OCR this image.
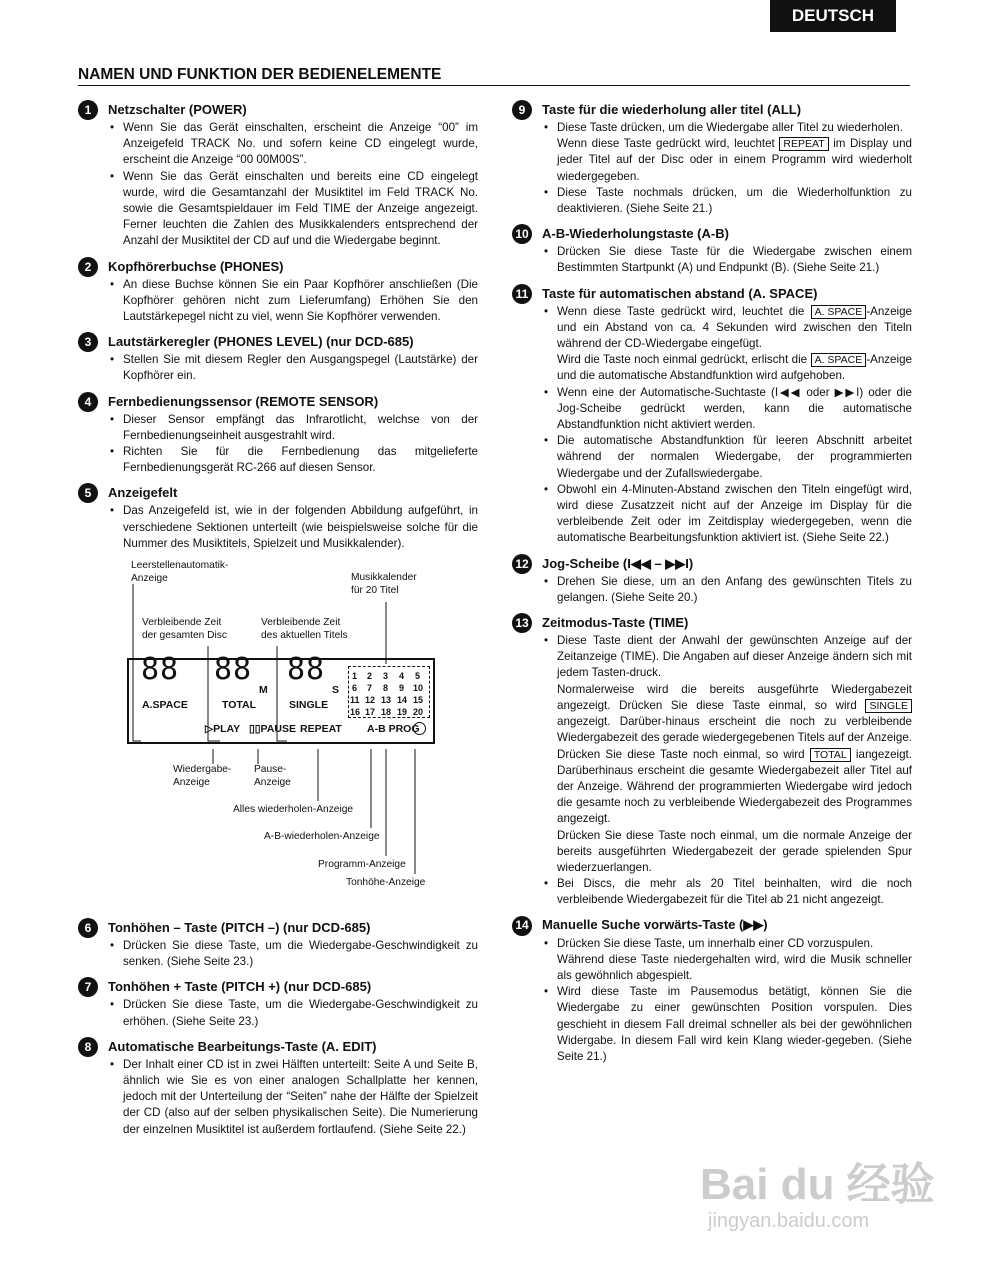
DEUTSCH
NAMEN UND FUNKTION DER BEDIENELEMENTE
1	Netzschalter (POWER)
• Wenn Sie das Gerät einschalten, erscheint die Anzeige “00” im Anzeigefeld TRACK No. und sofern keine CD eingelegt wurde, erscheint die Anzeige “00 00M00S”.
• Wenn Sie das Gerät einschalten und bereits eine CD eingelegt wurde, wird die Gesamtanzahl der Musiktitel im Feld TRACK No. sowie die Gesamtspieldauer im Feld TIME der Anzeige angezeigt. Ferner leuchten die Zahlen des Musikkalenders entsprechend der Anzahl der Musiktitel der CD auf und die Wiedergabe beginnt.
2	Kopfhörerbuchse (PHONES)
• An diese Buchse können Sie ein Paar Kopfhörer anschließen (Die Kopfhörer gehören nicht zum Lieferumfang) Erhöhen Sie den Lautstärkepegel nicht zu viel, wenn Sie Kopfhörer verwenden.
3	Lautstärkeregler (PHONES LEVEL) (nur DCD-685)
• Stellen Sie mit diesem Regler den Ausgangspegel (Lautstärke) der Kopfhörer ein.
4	Fernbedienungssensor (REMOTE SENSOR)
• Dieser Sensor empfängt das Infrarotlicht, welchse von der Fernbedienungseinheit ausgestrahlt wird.
• Richten Sie für die Fernbedienung das mitgelieferte Fernbedienungsgerät RC-266 auf diesen Sensor.
5	Anzeigefelt
• Das Anzeigefeld ist, wie in der folgenden Abbildung aufgeführt, in verschiedene Sektionen unterteilt (wie beispielsweise solche für die Nummer des Musiktitels, Spielzeit und Musikkalender).
Leerstellenautomatik-
Anzeige	Musikkalender
für 20 Titel
Verbleibende Zeit
der gesamten Disc
Verbleibende Zeit
des aktuellen Titels
88 88
M
88
S
A.SPACE	TOTAL	SINGLE
▷PLAY ▯▯PAUSE REPEAT A-B PROG
1 2 3 4 5
6 7 8 9 10
11 12 13 14 15
16 17 18 19 20
Wiedergabe-
Anzeige
Pause-
Anzeige
Alles wiederholen-Anzeige
A-B-wiederholen-Anzeige
Programm-Anzeige
Tonhöhe-Anzeige
6	Tonhöhen – Taste (PITCH –) (nur DCD-685)
• Drücken Sie diese Taste, um die Wiedergabe-Geschwindigkeit zu senken. (Siehe Seite 23.)
7	Tonhöhen + Taste (PITCH +) (nur DCD-685)
• Drücken Sie diese Taste, um die Wiedergabe-Geschwindigkeit zu erhöhen. (Siehe Seite 23.)
8	Automatische Bearbeitungs-Taste (A. EDIT)
• Der Inhalt einer CD ist in zwei Hälften unterteilt: Seite A und Seite B, ähnlich wie Sie es von einer analogen Schallplatte her kennen, jedoch mit der Unterteilung der “Seiten” nahe der Hälfte der Spielzeit der CD (also auf der selben physikalischen Seite). Die Numerierung der einzelnen Musiktitel ist außerdem fortlaufend. (Siehe Seite 22.)
9	Taste für die wiederholung aller titel (ALL)
• Diese Taste drücken, um die Wiedergabe aller Titel zu wiederholen.
Wenn diese Taste gedrückt wird, leuchtet REPEAT im Display und jeder Titel auf der Disc oder in einem Programm wird wiederholt wiedergegeben.
• Diese Taste nochmals drücken, um die Wiederholfunktion zu deaktivieren. (Siehe Seite 21.)
10 A-B-Wiederholungstaste (A-B)
• Drücken Sie diese Taste für die Wiedergabe zwischen einem Bestimmten Startpunkt (A) und Endpunkt (B). (Siehe Seite 21.)
11 Taste für automatischen abstand (A. SPACE)
• Wenn diese Taste gedrückt wird, leuchtet die A. SPACE -Anzeige und ein Abstand von ca. 4 Sekunden wird zwischen den Titeln während der CD-Wiedergabe eingefügt.
Wird die Taste noch einmal gedrückt, erlischt die A. SPACE -Anzeige und die automatische Abstandfunktion wird aufgehoben.
• Wenn eine der Automatische-Suchtaste (I◀◀ oder ▶▶I) oder die Jog-Scheibe gedrückt werden, kann die automatische Abstandfunktion nicht aktiviert werden.
• Die automatische Abstandfunktion für leeren Abschnitt arbeitet während der normalen Wiedergabe, der programmierten Wiedergabe und der Zufallswiedergabe.
• Obwohl ein 4-Minuten-Abstand zwischen den Titeln eingefügt wird, wird diese Zusatzzeit nicht auf der Anzeige im Display für die verbleibende Zeit oder im Zeitdisplay wiedergegeben, wenn die automatische Bearbeitungsfunktion aktiviert ist. (Siehe Seite 22.)
12 Jog-Scheibe (I◀◀ – ▶▶I)
• Drehen Sie diese, um an den Anfang des gewünschten Titels zu gelangen. (Siehe Seite 20.)
13 Zeitmodus-Taste (TIME)
• Diese Taste dient der Anwahl der gewünschten Anzeige auf der Zeitanzeige (TIME). Die Angaben auf dieser Anzeige ändern sich mit jedem Tasten-druck.
Normalerweise wird die bereits ausgeführte Wiedergabezeit angezeigt. Drücken Sie diese Taste einmal, so wird SINGLE angezeigt. Darüber-hinaus erscheint die noch zu verbleibende Wiedergabezeit des gerade wiedergegebenen Titels auf der Anzeige. Drücken Sie diese Taste noch einmal, so wird TOTAL iangezeigt. Darüberhinaus erscheint die gesamte Wiedergabezeit aller Titel auf der Anzeige. Während der programmierten Wiedergabe wird jedoch die gesamte noch zu verbleibende Wiedergabezeit des Programmes angezeigt.
Drücken Sie diese Taste noch einmal, um die normale Anzeige der bereits ausgeführten Wiedergabezeit der gerade spielenden Spur wiederzuerlangen.
• Bei Discs, die mehr als 20 Titel beinhalten, wird die noch verbleibende Wiedergabezeit für die Titel ab 21 nicht angezeigt.
14 Manuelle Suche vorwärts-Taste (▶▶)
• Drücken Sie diese Taste, um innerhalb einer CD vorzuspulen.
Während diese Taste niedergehalten wird, wird die Musik schneller als gewöhnlich abgespielt.
• Wird diese Taste im Pausemodus betätigt, können Sie die Wiedergabe zu einer gewünschten Position vorspulen. Dies geschieht in diesem Fall dreimal schneller als bei der gewöhnlichen Widergabe. In diesem Fall wird kein Klang wieder-gegeben. (Siehe Seite 21.)
Bai du 经验
jingyan.baidu.com
